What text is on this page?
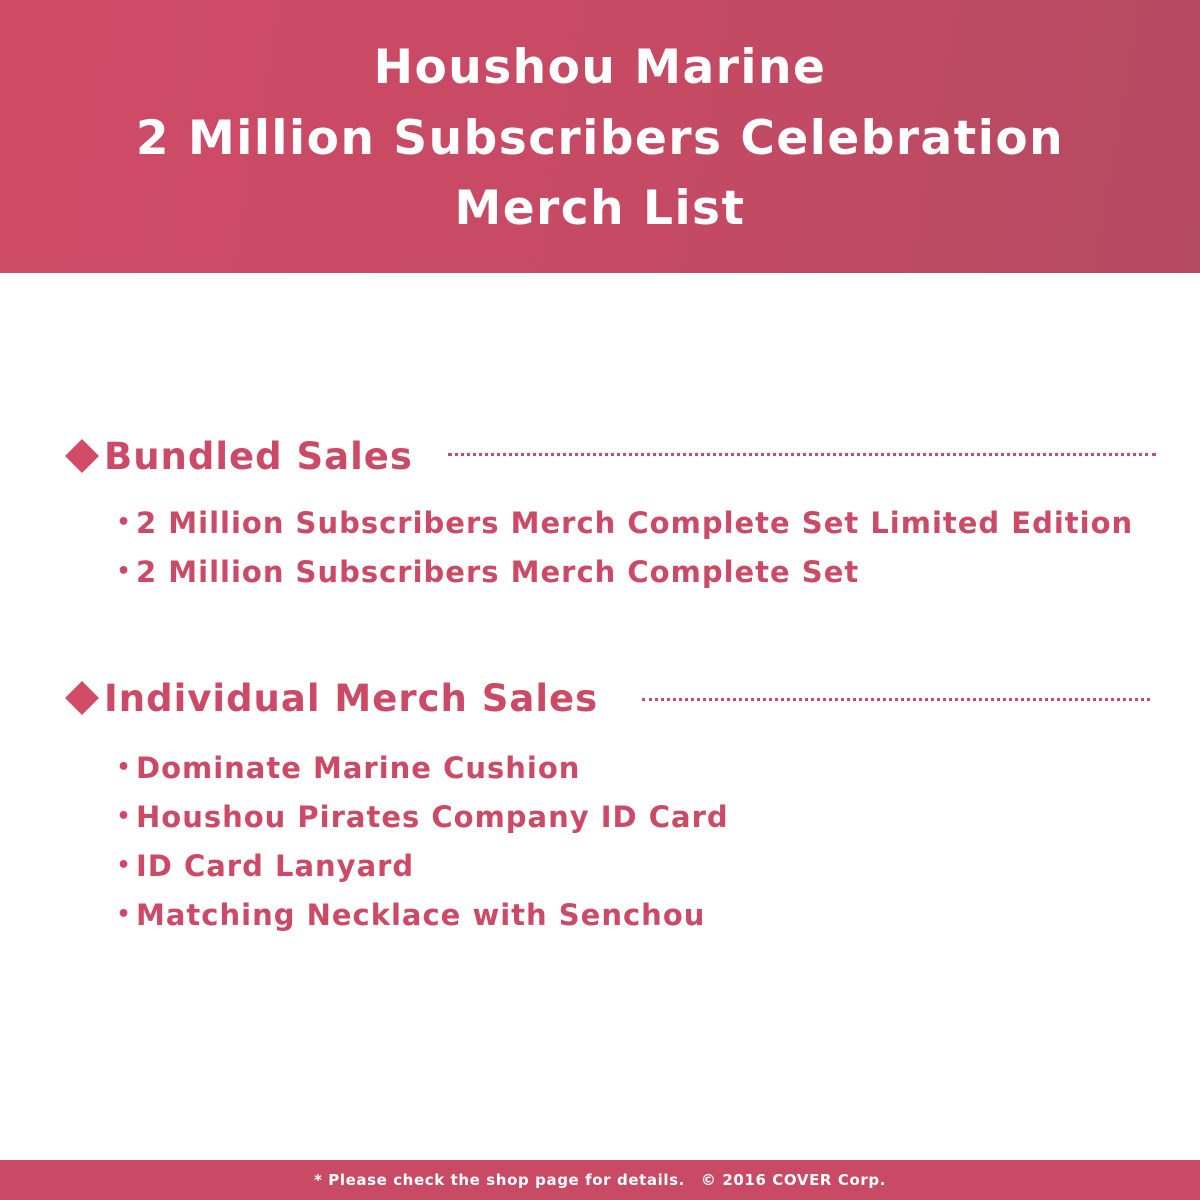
Houshou Marine
2 Million Subscribers Celebration
Merch List
Bundled Sales
• 2 Million Subscribers Merch Complete Set Limited Edition
• 2 Million Subscribers Merch Complete Set
Individual Merch Sales
• Dominate Marine Cushion
• Houshou Pirates Company ID Card
• ID Card Lanyard
• Matching Necklace with Senchou
* Please check the shop page for details. © 2016 COVER Corp.
